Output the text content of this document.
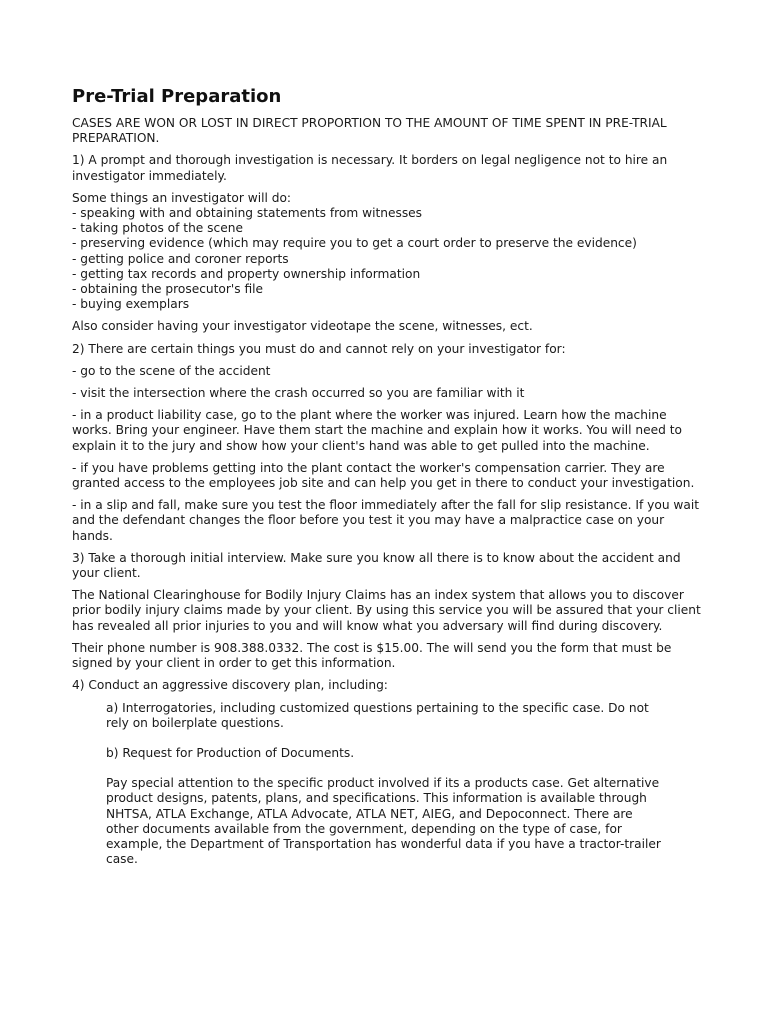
Pre-Trial Preparation

CASES ARE WON OR LOST IN DIRECT PROPORTION TO THE AMOUNT OF TIME SPENT IN PRE-TRIAL PREPARATION.

1) A prompt and thorough investigation is necessary. It borders on legal negligence not to hire an investigator immediately.

Some things an investigator will do:
- speaking with and obtaining statements from witnesses
- taking photos of the scene
- preserving evidence (which may require you to get a court order to preserve the evidence)
- getting police and coroner reports
- getting tax records and property ownership information
- obtaining the prosecutor's file
- buying exemplars

Also consider having your investigator videotape the scene, witnesses, ect.

2) There are certain things you must do and cannot rely on your investigator for:

- go to the scene of the accident

- visit the intersection where the crash occurred so you are familiar with it

- in a product liability case, go to the plant where the worker was injured. Learn how the machine works. Bring your engineer. Have them start the machine and explain how it works. You will need to explain it to the jury and show how your client's hand was able to get pulled into the machine.

- if you have problems getting into the plant contact the worker's compensation carrier. They are granted access to the employees job site and can help you get in there to conduct your investigation.

- in a slip and fall, make sure you test the floor immediately after the fall for slip resistance. If you wait and the defendant changes the floor before you test it you may have a malpractice case on your hands.

3) Take a thorough initial interview. Make sure you know all there is to know about the accident and your client.

The National Clearinghouse for Bodily Injury Claims has an index system that allows you to discover prior bodily injury claims made by your client. By using this service you will be assured that your client has revealed all prior injuries to you and will know what you adversary will find during discovery.

Their phone number is 908.388.0332. The cost is $15.00. The will send you the form that must be signed by your client in order to get this information.

4) Conduct an aggressive discovery plan, including:

a) Interrogatories, including customized questions pertaining to the specific case. Do not rely on boilerplate questions.

b) Request for Production of Documents.

Pay special attention to the specific product involved if its a products case. Get alternative product designs, patents, plans, and specifications. This information is available through NHTSA, ATLA Exchange, ATLA Advocate, ATLA NET, AIEG, and Depoconnect. There are other documents available from the government, depending on the type of case, for example, the Department of Transportation has wonderful data if you have a tractor-trailer case.
